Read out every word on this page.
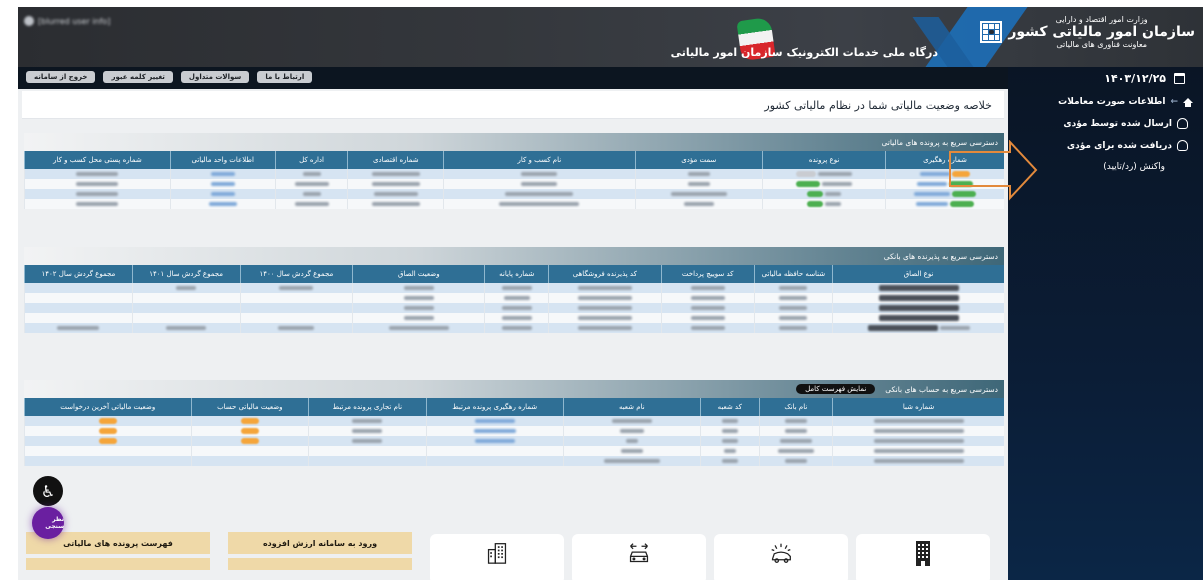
درگاه ملی خدمات الکترونیک سازمان امور مالیاتی
[blurred user info]	وزارت امور اقتصاد و دارایی
سازمان امور مالیاتی کشور
معاونت فناوری های مالیاتی
ارتباط با ما
سوالات متداول
تغییر کلمه عبور
خروج از سامانه	۱۴۰۳/۱۲/۲۵
←
اطلاعات صورت معاملات
ارسال شده توسط مؤدی
دریافت شده برای مؤدی
واکنش (رد/تایید)
خلاصه وضعیت مالیاتی شما در نظام مالیاتی کشور
دسترسی سریع به پرونده های مالیاتی
شماره رهگیری	نوع پرونده	سمت مؤدی	نام کسب و کار	شماره اقتصادی	اداره کل	اطلاعات واحد مالیاتی	شماره پستی محل کسب و کار

دسترسی سریع به پذیرنده های بانکی
نوع الصاق	شناسه حافظه مالیاتی	کد سوییچ پرداخت	کد پذیرنده فروشگاهی	شماره پایانه	وضعیت الصاق	مجموع گردش سال ۱۴۰۰	مجموع گردش سال ۱۴۰۱	مجموع گردش سال ۱۴۰۲

دسترسی سریع به حساب های بانکی
نمایش فهرست کامل
شماره شبا	نام بانک	کد شعبه	نام شعبه	شماره رهگیری پرونده مرتبط	نام تجاری پرونده مرتبط	وضعیت مالیاتی حساب	وضعیت مالیاتی آخرین درخواست

ورود به سامانه ارزش افزوده
فهرست پرونده های مالیاتی
♿
نظر سنجی
